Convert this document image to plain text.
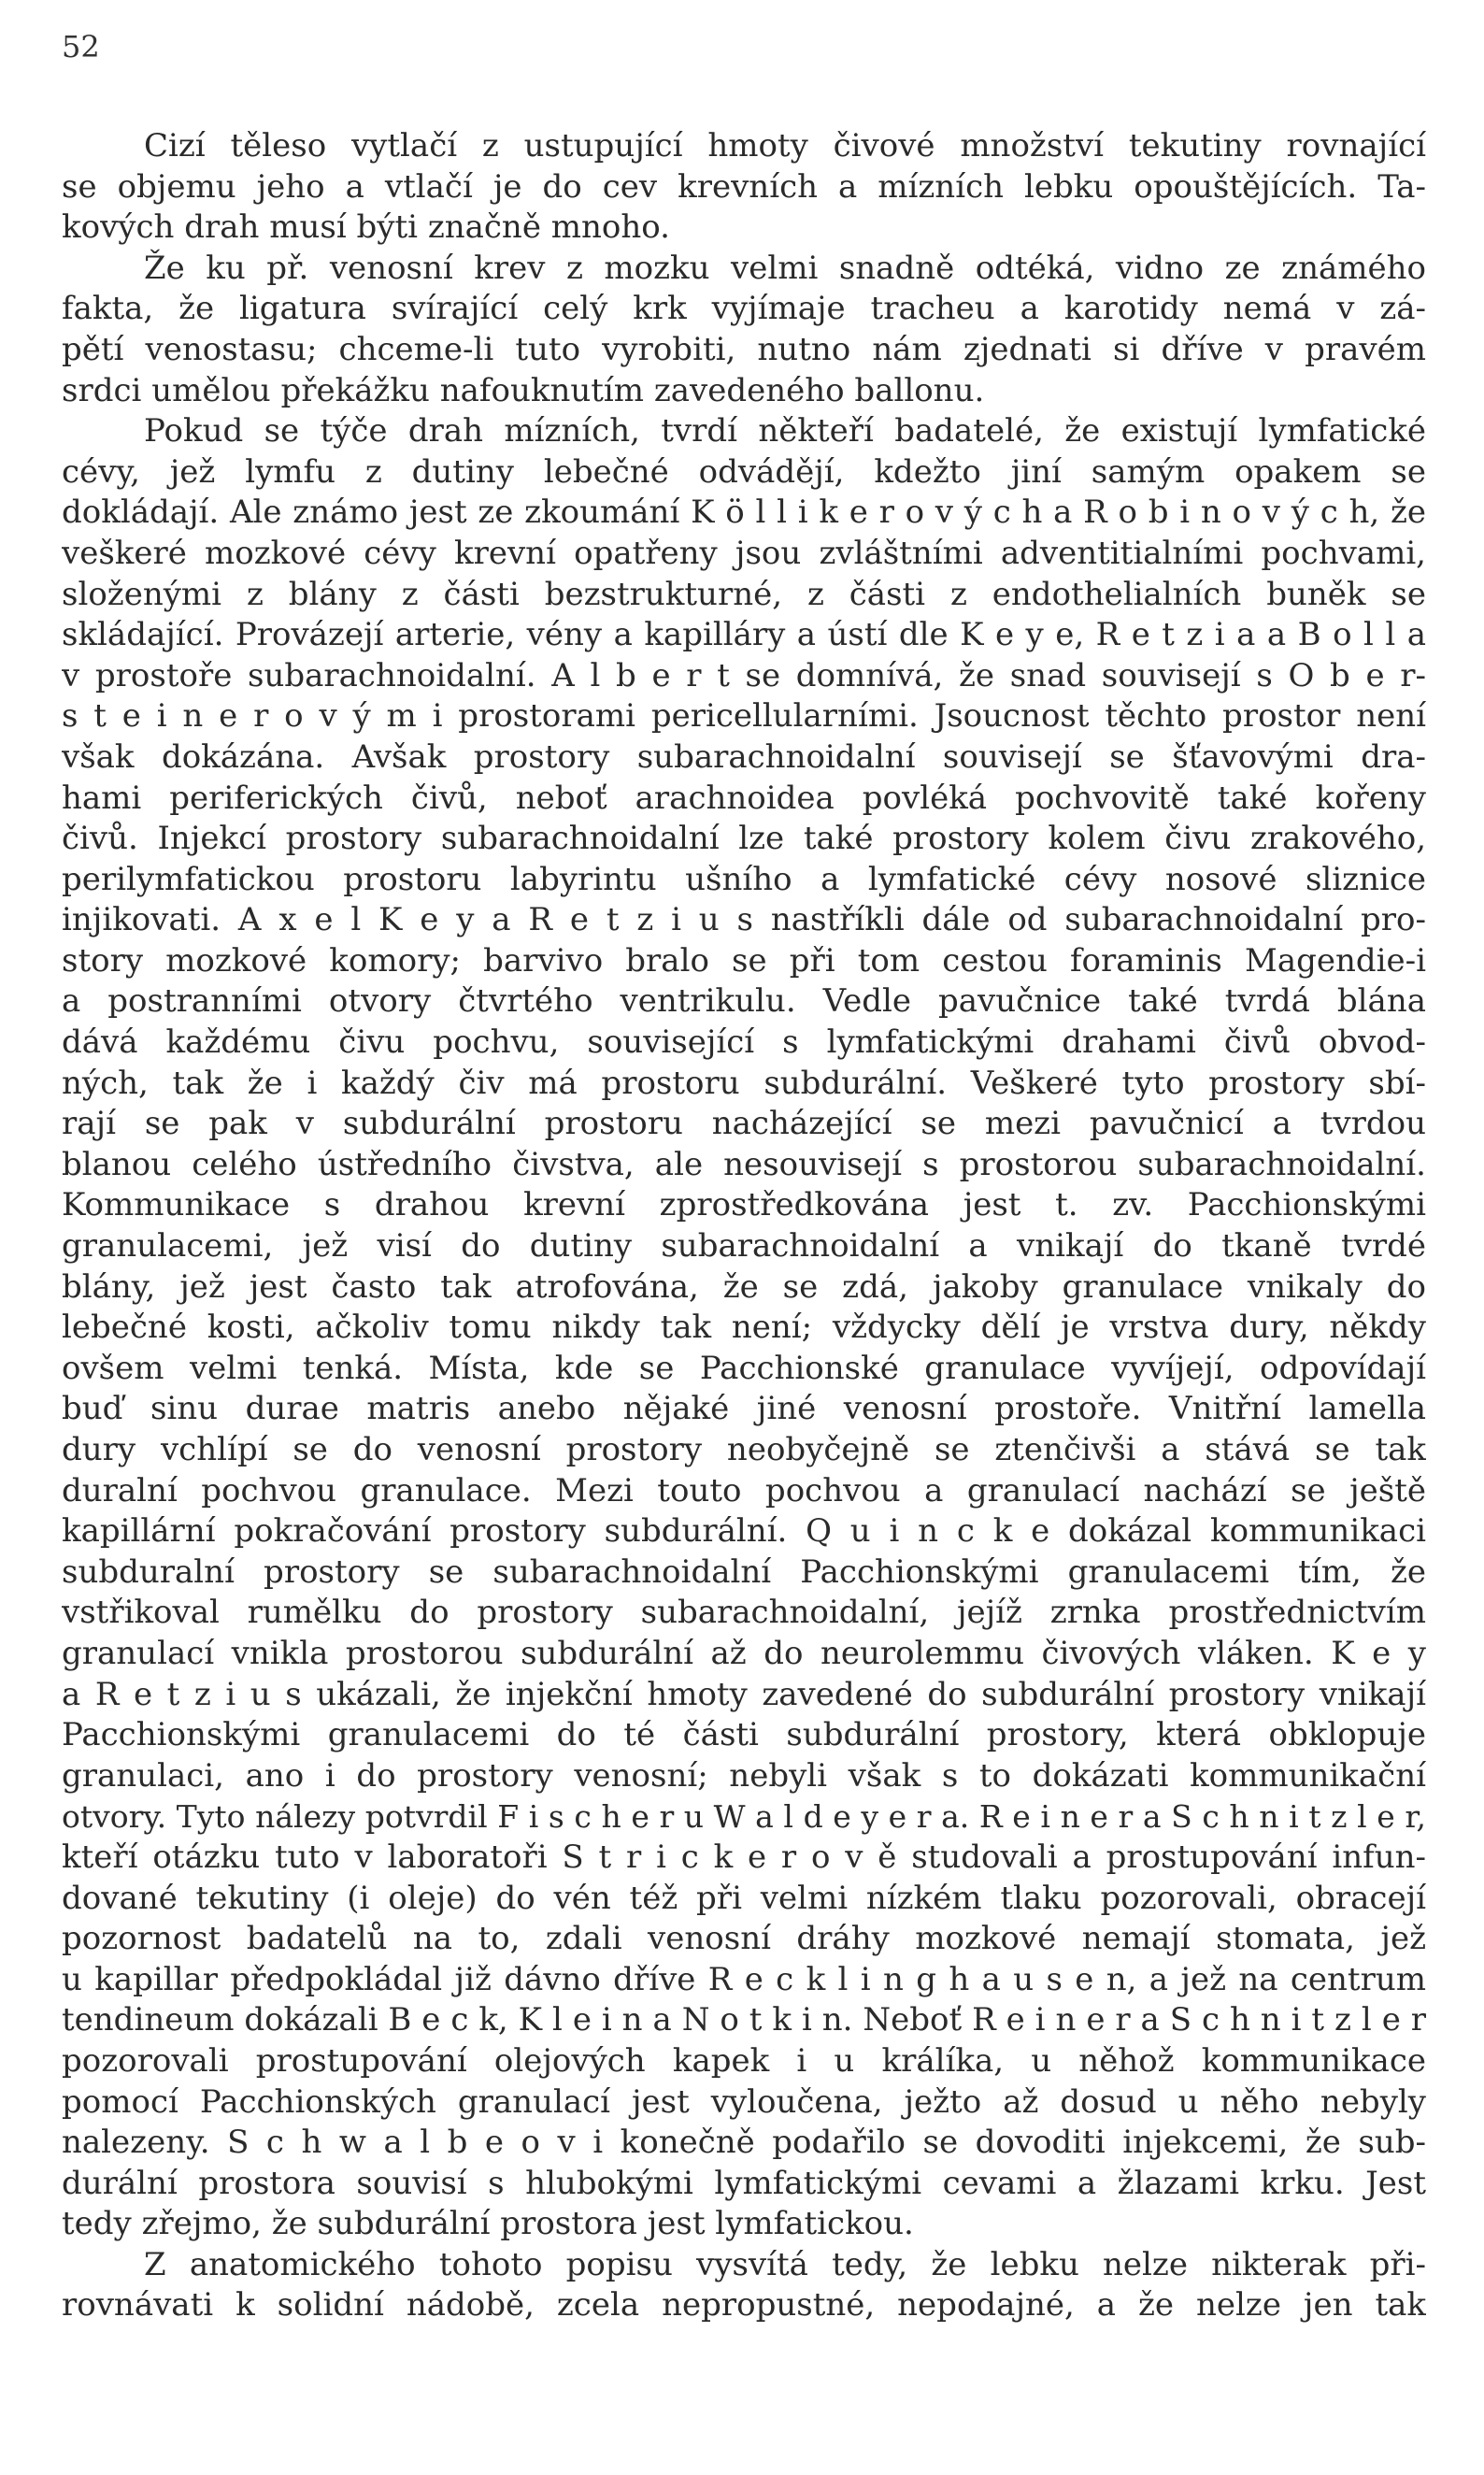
52
Cizí těleso vytlačí z ustupující hmoty čivové množství tekutiny rovnající
se objemu jeho a vtlačí je do cev krevních a mízních lebku opouštějících. Ta-
kových drah musí býti značně mnoho.
Že ku př. venosní krev z mozku velmi snadně odtéká, vidno ze známého
fakta, že ligatura svírající celý krk vyjímaje tracheu a karotidy nemá v zá-
pětí venostasu; chceme-li tuto vyrobiti, nutno nám zjednati si dříve v pravém
srdci umělou překážku nafouknutím zavedeného ballonu.
Pokud se týče drah mízních, tvrdí někteří badatelé, že existují lymfatické
cévy, jež lymfu z dutiny lebečné odvádějí, kdežto jiní samým opakem se
dokládají. Ale známo jest ze zkoumání K ö l l i k e r o v ý c h a R o b i n o v ý c h, že
veškeré mozkové cévy krevní opatřeny jsou zvláštními adventitialními pochvami,
složenými z blány z části bezstrukturné, z části z endothelialních buněk se
skládající. Provázejí arterie, vény a kapilláry a ústí dle K e y e, R e t z i a a B o l l a
v prostoře subarachnoidalní. A l b e r t se domnívá, že snad souvisejí s O b e r-
s t e i n e r o v ý m i prostorami pericellularními. Jsoucnost těchto prostor není
však dokázána. Avšak prostory subarachnoidalní souvisejí se šťavovými dra-
hami periferických čivů, neboť arachnoidea povléká pochvovitě také kořeny
čivů. Injekcí prostory subarachnoidalní lze také prostory kolem čivu zrakového,
perilymfatickou prostoru labyrintu ušního a lymfatické cévy nosové sliznice
injikovati. A x e l K e y a R e t z i u s nastříkli dále od subarachnoidalní pro-
story mozkové komory; barvivo bralo se při tom cestou foraminis Magendie-i
a postranními otvory čtvrtého ventrikulu. Vedle pavučnice také tvrdá blána
dává každému čivu pochvu, související s lymfatickými drahami čivů obvod-
ných, tak že i každý čiv má prostoru subdurální. Veškeré tyto prostory sbí-
rají se pak v subdurální prostoru nacházející se mezi pavučnicí a tvrdou
blanou celého ústředního čivstva, ale nesouvisejí s prostorou subarachnoidalní.
Kommunikace s drahou krevní zprostředkována jest t. zv. Pacchionskými
granulacemi, jež visí do dutiny subarachnoidalní a vnikají do tkaně tvrdé
blány, jež jest často tak atrofována, že se zdá, jakoby granulace vnikaly do
lebečné kosti, ačkoliv tomu nikdy tak není; vždycky dělí je vrstva dury, někdy
ovšem velmi tenká. Místa, kde se Pacchionské granulace vyvíjejí, odpovídají
buď sinu durae matris anebo nějaké jiné venosní prostoře. Vnitřní lamella
dury vchlípí se do venosní prostory neobyčejně se ztenčivši a stává se tak
duralní pochvou granulace. Mezi touto pochvou a granulací nachází se ještě
kapillární pokračování prostory subdurální. Q u i n c k e dokázal kommunikaci
subduralní prostory se subarachnoidalní Pacchionskými granulacemi tím, že
vstřikoval rumělku do prostory subarachnoidalní, jejíž zrnka prostřednictvím
granulací vnikla prostorou subdurální až do neurolemmu čivových vláken. K e y
a R e t z i u s ukázali, že injekční hmoty zavedené do subdurální prostory vnikají
Pacchionskými granulacemi do té části subdurální prostory, která obklopuje
granulaci, ano i do prostory venosní; nebyli však s to dokázati kommunikační
otvory. Tyto nálezy potvrdil F i s c h e r u W a l d e y e r a. R e i n e r a S c h n i t z l e r,
kteří otázku tuto v laboratoři S t r i c k e r o v ě studovali a prostupování infun-
dované tekutiny (i oleje) do vén též při velmi nízkém tlaku pozorovali, obracejí
pozornost badatelů na to, zdali venosní dráhy mozkové nemají stomata, jež
u kapillar předpokládal již dávno dříve R e c k l i n g h a u s e n, a jež na centrum
tendineum dokázali B e c k, K l e i n a N o t k i n. Neboť R e i n e r a S c h n i t z l e r
pozorovali prostupování olejových kapek i u králíka, u něhož kommunikace
pomocí Pacchionských granulací jest vyloučena, ježto až dosud u něho nebyly
nalezeny. S c h w a l b e o v i konečně podařilo se dovoditi injekcemi, že sub-
durální prostora souvisí s hlubokými lymfatickými cevami a žlazami krku. Jest
tedy zřejmo, že subdurální prostora jest lymfatickou.
Z anatomického tohoto popisu vysvítá tedy, že lebku nelze nikterak při-
rovnávati k solidní nádobě, zcela nepropustné, nepodajné, a že nelze jen tak
